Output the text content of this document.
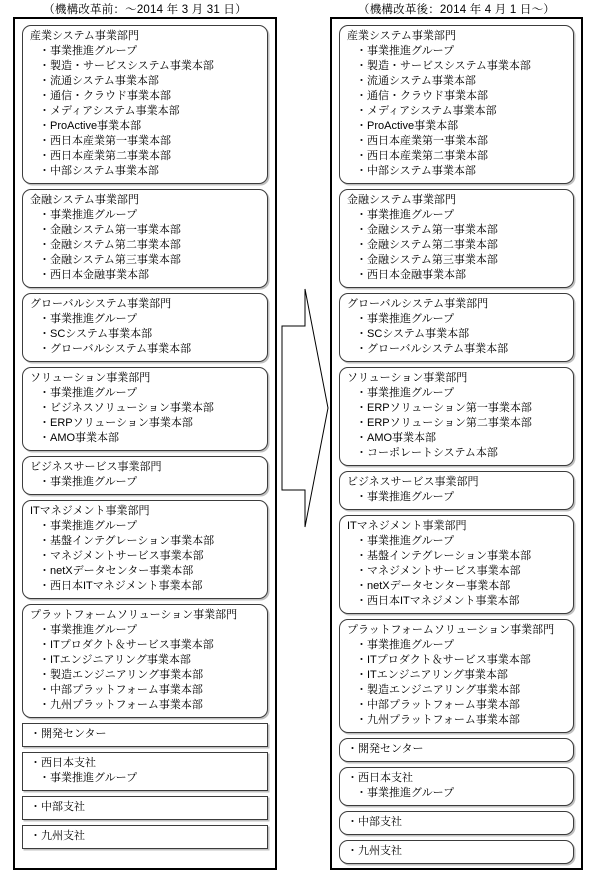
（機構改革前：～2014 年 3 月 31 日）	（機構改革後：2014 年 4 月 1 日～）
産業システム事業部門
・事業推進グループ
・製造・サービスシステム事業本部
・流通システム事業本部
・通信・クラウド事業本部
・メディアシステム事業本部
・ProActive事業本部
・西日本産業第一事業本部
・西日本産業第二事業本部
・中部システム事業本部
金融システム事業部門
・事業推進グループ
・金融システム第一事業本部
・金融システム第二事業本部
・金融システム第三事業本部
・西日本金融事業本部
グローバルシステム事業部門
・事業推進グループ
・SCシステム事業本部
・グローバルシステム事業本部
ソリューション事業部門
・事業推進グループ
・ビジネスソリューション事業本部
・ERPソリューション事業本部
・AMO事業本部
ビジネスサービス事業部門
・事業推進グループ
ITマネジメント事業部門
・事業推進グループ
・基盤インテグレーション事業本部
・マネジメントサービス事業本部
・netXデータセンター事業本部
・西日本ITマネジメント事業本部
プラットフォームソリューション事業部門
・事業推進グループ
・ITプロダクト＆サービス事業本部
・ITエンジニアリング事業本部
・製造エンジニアリング事業本部
・中部プラットフォーム事業本部
・九州プラットフォーム事業本部
・開発センター
・西日本支社
・事業推進グループ
・中部支社
・九州支社
産業システム事業部門
・事業推進グループ
・製造・サービスシステム事業本部
・流通システム事業本部
・通信・クラウド事業本部
・メディアシステム事業本部
・ProActive事業本部
・西日本産業第一事業本部
・西日本産業第二事業本部
・中部システム事業本部
金融システム事業部門
・事業推進グループ
・金融システム第一事業本部
・金融システム第二事業本部
・金融システム第三事業本部
・西日本金融事業本部
グローバルシステム事業部門
・事業推進グループ
・SCシステム事業本部
・グローバルシステム事業本部
ソリューション事業部門
・事業推進グループ
・ERPソリューション第一事業本部
・ERPソリューション第二事業本部
・AMO事業本部
・コーポレートシステム本部
ビジネスサービス事業部門
・事業推進グループ
ITマネジメント事業部門
・事業推進グループ
・基盤インテグレーション事業本部
・マネジメントサービス事業本部
・netXデータセンター事業本部
・西日本ITマネジメント事業本部
プラットフォームソリューション事業部門
・事業推進グループ
・ITプロダクト＆サービス事業本部
・ITエンジニアリング事業本部
・製造エンジニアリング事業本部
・中部プラットフォーム事業本部
・九州プラットフォーム事業本部
・開発センター
・西日本支社
・事業推進グループ
・中部支社
・九州支社
